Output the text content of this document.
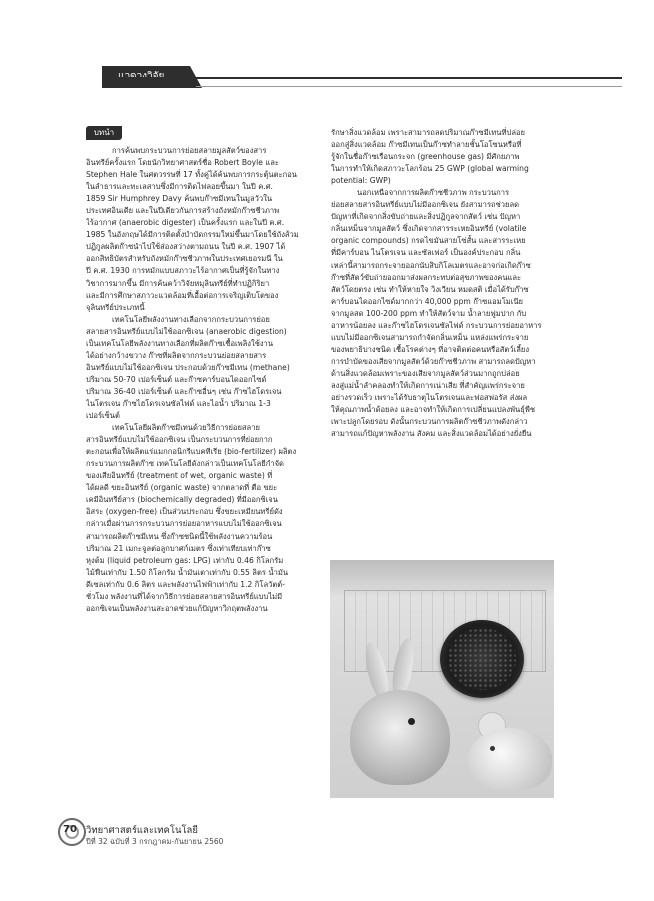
บทนำ
การค้นพบกระบวนการย่อยสลายมูลสัตว์ของสาร
อินทรีย์ครั้งแรก โดยนักวิทยาศาสตร์ชื่อ Robert Boyle และ
Stephen Hale ในศตวรรษที่ 17 ทั้งคู่ได้ค้นพบการกระตุ้นตะกอน
ในลำธารและทะเลสาบซึ่งมีการติดไฟลอยขึ้นมา ในปี ค.ศ.
1859 Sir Humphrey Davy ค้นพบก๊าซมีเทนในมูลวัวใน
ประเทศอินเดีย และในปีเดียวกันการสร้างถังหมักก๊าซชีวภาพ
ไร้อากาศ (anaerobic digester) เป็นครั้งแรก และในปี ค.ศ.
1985 ในอังกฤษได้มีการติดตั้งบำบัดกรรมใหม่ขึ้นมาโดยใช้ถังส้วม
ปฏิกูลผลิตก๊าซนำไปใช้ส่องสว่างตามถนน ในปี ค.ศ. 1907 ได้
ออกสิทธิบัตรสำหรับถังหมักก๊าซชีวภาพในประเทศเยอรมนี ใน
ปี ค.ศ. 1930 การหมักแบบสภาวะไร้อากาศเป็นที่รู้จักในทาง
วิชาการมากขึ้น มีการค้นคว้าวิจัยหมุลินทรีย์ที่ทำปฏิกิริยา
และมีการศึกษาสภาวะแวดล้อมที่เอื้อต่อการเจริญเติบโตของ
จุลินทรีย์ประเภทนี้
เทคโนโลยีพลังงานทางเลือกจากกระบวนการย่อย
สลายสารอินทรีย์แบบไม่ใช้ออกซิเจน (anaerobic digestion)
เป็นเทคโนโลยีพลังงานทางเลือกที่ผลิตก๊าซเชื้อเพลิงใช้งาน
ได้อย่างกว้างขวาง ก๊าซที่ผลิตจากกระบวนย่อยสลายสาร
อินทรีย์แบบไม่ใช้ออกซิเจน ประกอบด้วยก๊าซมีเทน (methane)
ปริมาณ 50-70 เปอร์เซ็นต์ และก๊าซคาร์บอนไดออกไซด์
ปริมาณ 36-40 เปอร์เซ็นต์ และก๊าซอื่นๆ เช่น ก๊าซไฮโดรเจน
ไนโตรเจน ก๊าซไฮโดรเจนซัลไฟด์ และไอน้ำ ปริมาณ 1-3
เปอร์เซ็นต์
เทคโนโลยีผลิตก๊าซมีเทนด้วยวิธีการย่อยสลาย
สารอินทรีย์แบบไม่ใช้ออกซิเจน เป็นกระบวนการที่ย่อยกาก
ตะกอนเพื่อให้ผลิตแร่แมกกอนิกรีแบคทีเรีย (bio-fertilizer) ผลิตง
กระบวนการผลิตก๊าซ เทคโนโลยีดังกล่าวเป็นเทคโนโลยีกำจัด
ของเสียอินทรีย์ (treatment of wet, organic waste) ที่
ได้ผลดี ขยะอินทรีย์ (organic waste) จากตลาดที่ ตือ ขยะ
เคมีอินทรีย์สาร (biochemically degraded) ที่มีออกซิเจน
อิสระ (oxygen-free) เป็นส่วนประกอบ ซึ่งขยะเหมียนทรีย์ดัง
กล่าวเมื่อผ่านการกระบวนการย่อยอาหารแบบไม่ใช้ออกซิเจน
สามารถผลิตก๊าซมีเทน ซึ่งก๊าซชนิดนี้ใช้พลังงานความร้อน
ปริมาณ 21 เมกะจูลต่อลูกบาศก์เมตร ซึ่งเท่าเทียบเท่าก๊าซ
หุงต้ม (liquid petroleum gas: LPG) เท่ากับ 0.46 กิโลกรัม
ไม้ฟืนเท่ากับ 1.50 กิโลกรัม น้ำมันเตาเท่ากับ 0.55 ลิตร น้ำมัน
ดีเซลเท่ากับ 0.6 ลิตร และพลังงานไฟฟ้าเท่ากับ 1.2 กิโลวัตต์-
ชั่วโมง พลังงานที่ได้จากวิธีการย่อยสลายสารอินทรีย์แบบไม่มี
ออกซิเจนเป็นพลังงานสะอาดช่วยแก้ปัญหาวิกฤตพลังงาน
รักษาสิ่งแวดล้อม เพราะสามารถลดปริมาณก๊าซมีเทนที่ปล่อย
ออกสู่สิ่งแวดล้อม ก๊าซมีเทนเป็นก๊าซทำลายชั้นโอโซนหรือที่
รู้จักในชื่อก๊าซเรือนกระจก (greenhouse gas) มีศักยภาพ
ในการทำให้เกิดสภาวะโลกร้อน 25 GWP (global warming
potential: GWP)
นอกเหนือจากการผลิตก๊าซชีวภาพ กระบวนการ
ย่อยสลายสารอินทรีย์แบบไม่มีออกซิเจน ยังสามารถช่วยลด
ปัญหาที่เกิดจากสิ่งขับถ่ายและสิ่งปฏิกูลจากสัตว์ เช่น ปัญหา
กลิ่นเหม็นจากมูลสัตว์ ซึ่งเกิดจากสารระเหยอินทรีย์ (volatile
organic compounds) กรดไขมันสายโซ่สั้น และสารระเหย
ที่มีคาร์บอน ไนโตรเจน และซัลเฟอร์ เป็นองค์ประกอบ กลิ่น
เหล่านี้สามารถกระจายออกนับสิบกิโลเมตรและอาจก่อเกิดก๊าซ
ก๊าซที่สัตว์ขับถ่ายออกมาส่งผลกระทบต่อสุขภาพของคนและ
สัตว์โดยตรง เช่น ทำให้หายใจ วิงเวียน หมดสติ เมื่อได้รับก๊าซ
คาร์บอนไดออกไซด์มากกว่า 40,000 ppm ก๊าซแอมโมเนีย
จากมูลสด 100-200 ppm ทำให้สัตว์จาม น้ำลายฟูมปาก กับ
อาหารน้อยลง และก๊าซไฮโดรเจนซัลไฟด์ กระบวนการย่อยอาหาร
แบบไม่มีออกซิเจนสามารถกำจัดกลิ่นเหม็น แหล่งแพร่กระจาย
ของพยาธิบางชนิด เชื้อโรคต่างๆ ที่อาจติดต่อคนหรือสัตว์เลี้ยง
การบำบัดของเสียจากมูลสัตว์ด้วยก๊าซชีวภาพ สามารถลดปัญหา
ด้านสิ่งแวดล้อมเพราะของเสียจากมูลสัตว์ส่วนมากถูกปล่อย
ลงสู่แม่น้ำลำคลองทำให้เกิดการเน่าเสีย ที่สำคัญแพร่กระจาย
อย่างรวดเร็ว เพราะได้รับธาตุไนโตรเจนและฟอสฟอรัส ส่งผล
ให้คุณภาพน้ำด้อยลง และอาจทำให้เกิดการเปลี่ยนแปลงพันธุ์พืช
เพาะปลูกโดยรอบ ดังนั้นกระบวนการผลิตก๊าซชีวภาพดังกล่าว
สามารถแก้ปัญหาพลังงาน สังคม และสิ่งแวดล้อมได้อย่างยั่งยืน
70 วิทยาศาสตร์และเทคโนโลยี
ปีที่ 32 ฉบับที่ 3 กรกฎาคม-กันยายน 2560
